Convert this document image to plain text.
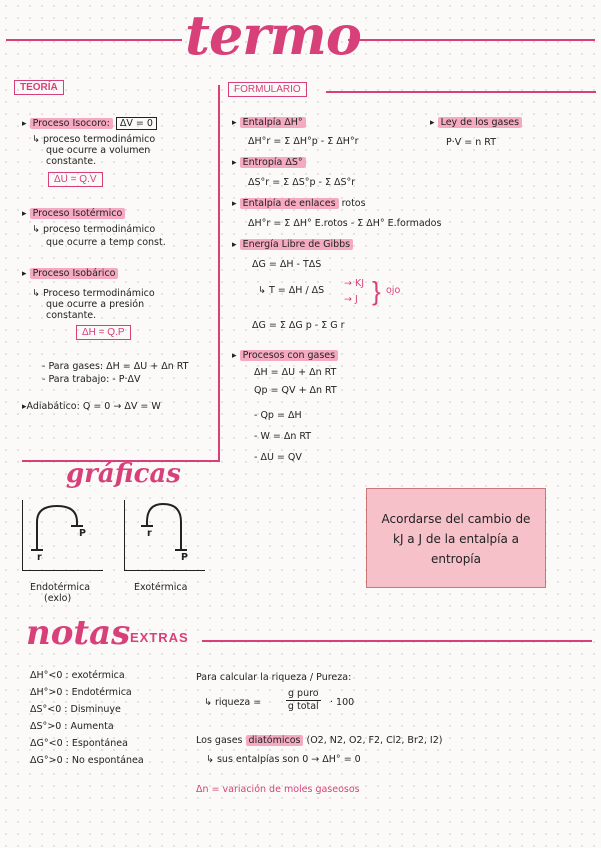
termo
TEORÍA
▸ Proceso Isocoro: ΔV = 0
↳ proceso termodinámico
que ocurre a volumen
constante.
ΔU = Q.V
▸ Proceso Isotérmico
↳ proceso termodinámico
que ocurre a temp const.
▸ Proceso Isobárico
↳ Proceso termodinámico
que ocurre a presión
constante.
ΔH = Q.P
- Para gases: ΔH = ΔU + Δn RT
- Para trabajo: - P·ΔV
▸ Adiabático: Q = 0 → ΔV = W
FORMULARIO
▸ Entalpía ΔH°
ΔH°r = Σ ΔH°p - Σ ΔH°r
▸ Entropía ΔS°
ΔS°r = Σ ΔS°p - Σ ΔS°r
▸ Entalpía de enlaces rotos
ΔH°r = Σ ΔH° E.rotos - Σ ΔH° E.formados
▸ Energía Libre de Gibbs
ΔG = ΔH - TΔS
↳ T = ΔH / ΔS
→ KJ
→ J } ojo
ΔG = Σ ΔG p - Σ G r
▸ Ley de los gases
P·V = n RT
▸ Procesos con gases
ΔH = ΔU + Δn RT
Qp = QV + Δn RT
- Qp = ΔH
- W = Δn RT
- ΔU = QV
Acordarse del cambio de kJ a J de la entalpía a entropía
gráficas
r
P
Endotérmica
(exlo)
r
P
Exotérmica
notas EXTRAS
ΔH°<0 : exotérmica
ΔH°>0 : Endotérmica
ΔS°<0 : Disminuye
ΔS°>0 : Aumenta
ΔG°<0 : Espontánea
ΔG°>0 : No espontánea
Para calcular la riqueza / Pureza:
↳ riqueza =
g puro
g total · 100
Los gases diatómicos (O2, N2, O2, F2, Cl2, Br2, I2)
↳ sus entalpías son 0 → ΔH° = 0
Δn = variación de moles gaseosos
